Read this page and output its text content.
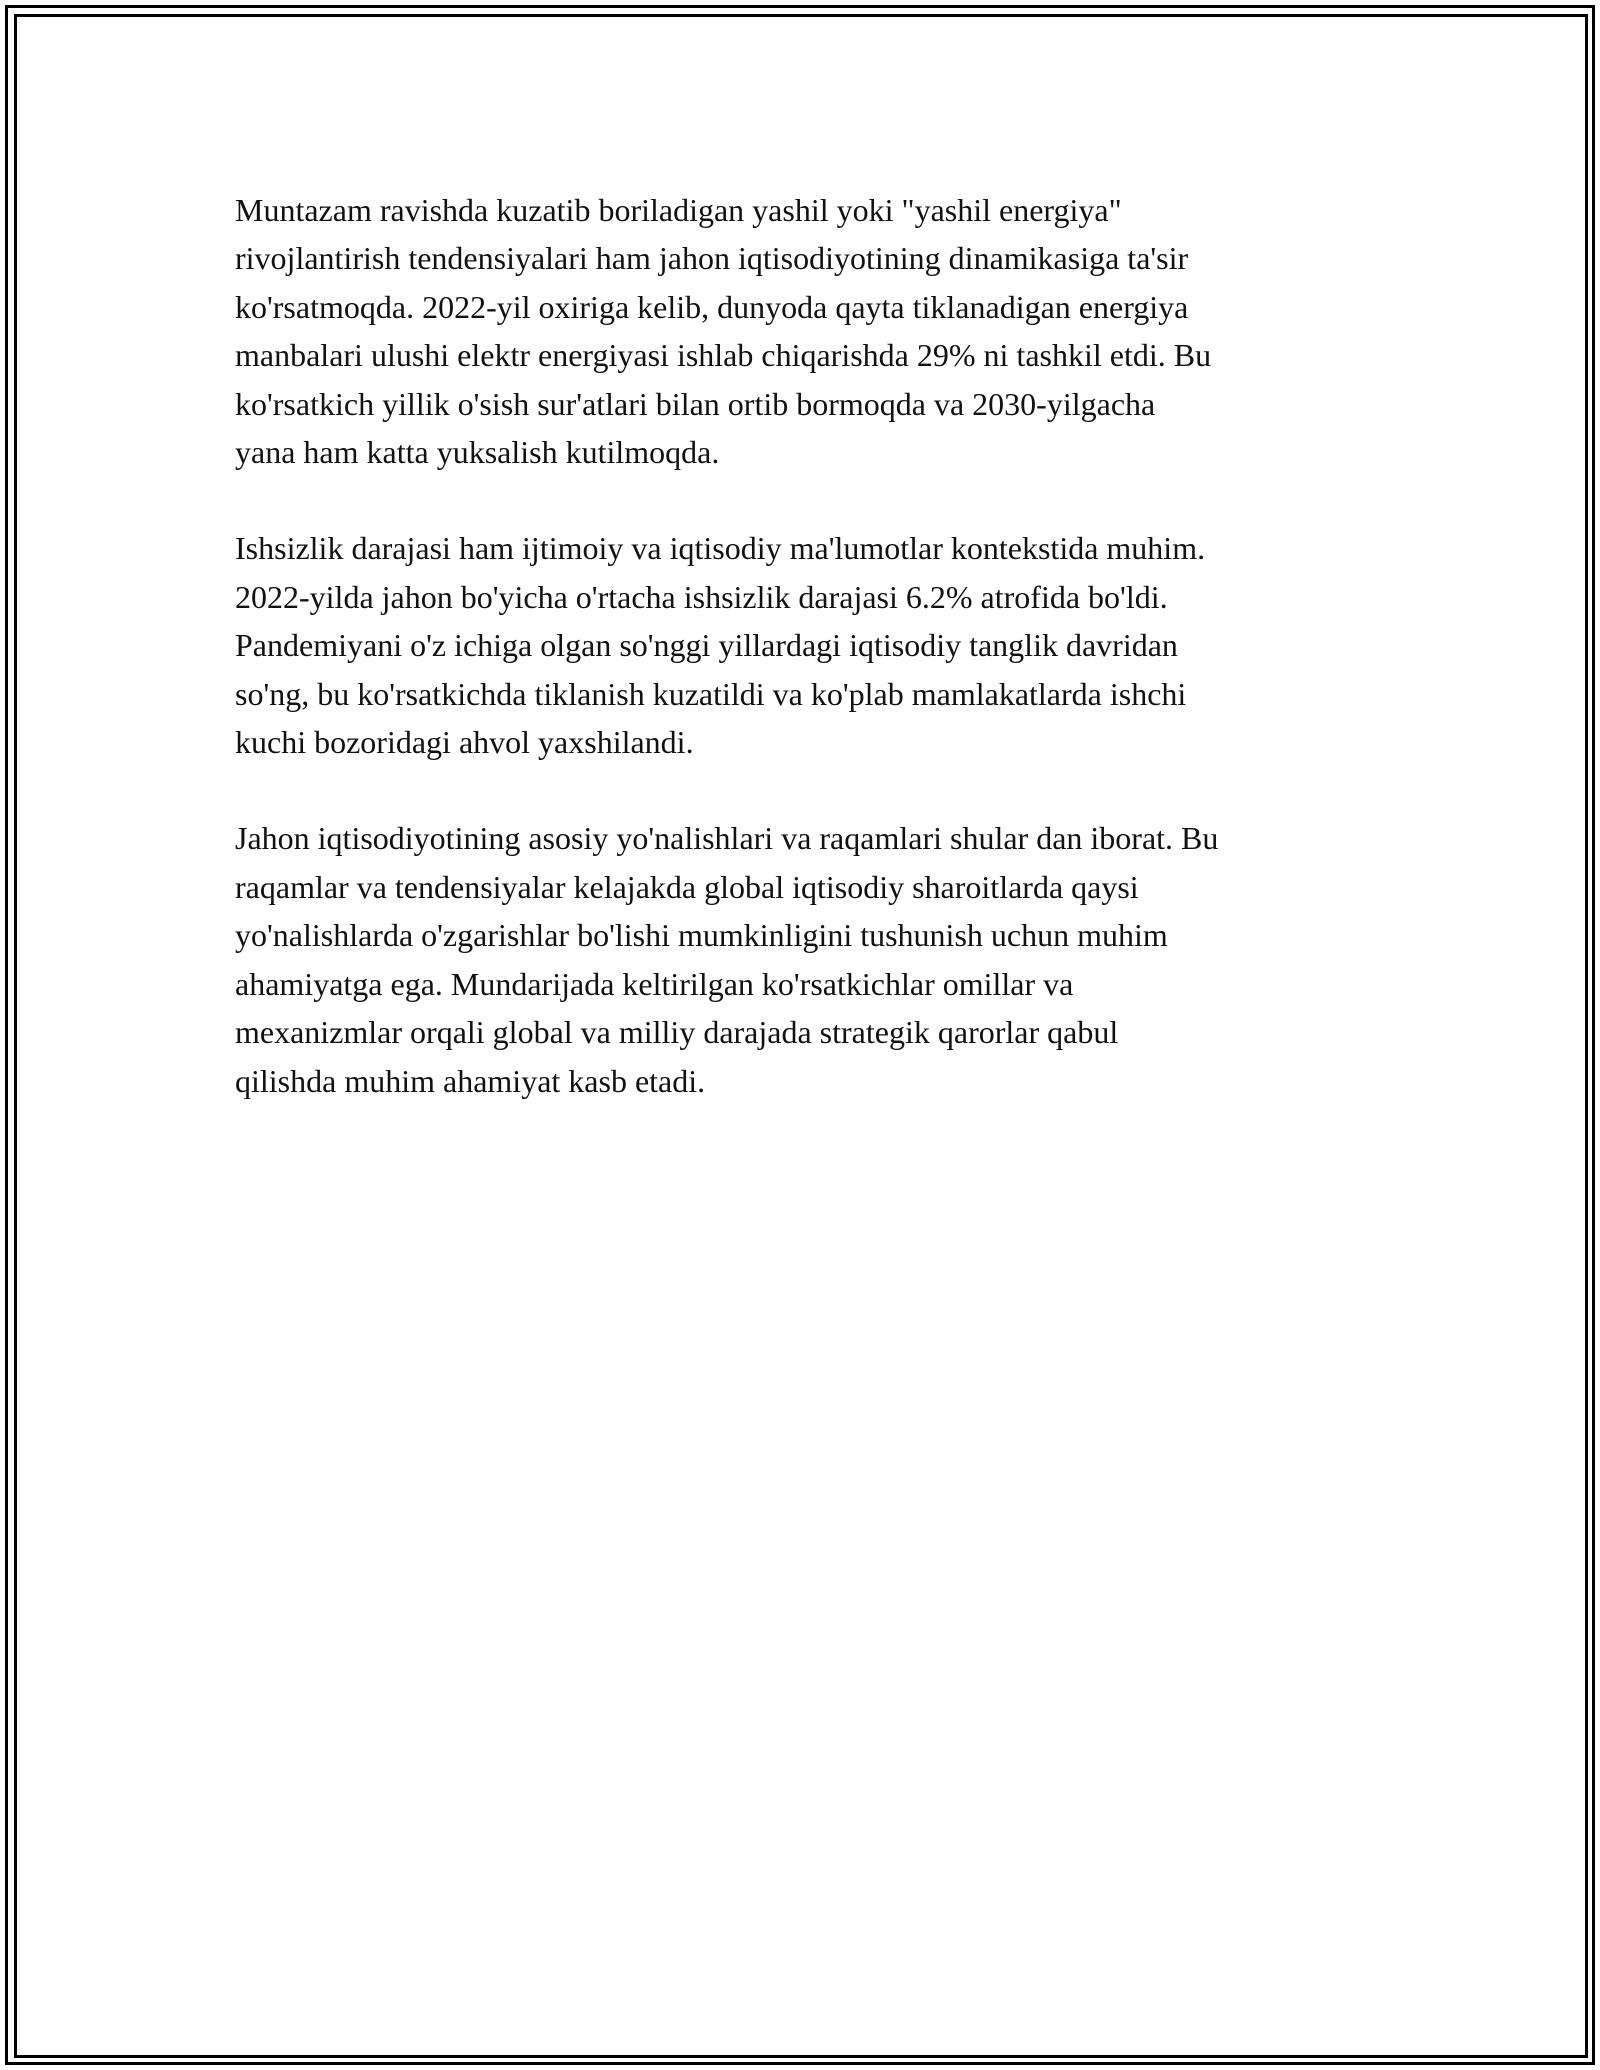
Muntazam ravishda kuzatib boriladigan yashil yoki "yashil energiya"
rivojlantirish tendensiyalari ham jahon iqtisodiyotining dinamikasiga ta'sir
ko'rsatmoqda. 2022-yil oxiriga kelib, dunyoda qayta tiklanadigan energiya
manbalari ulushi elektr energiyasi ishlab chiqarishda 29% ni tashkil etdi. Bu
ko'rsatkich yillik o'sish sur'atlari bilan ortib bormoqda va 2030-yilgacha
yana ham katta yuksalish kutilmoqda.

Ishsizlik darajasi ham ijtimoiy va iqtisodiy ma'lumotlar kontekstida muhim.
2022-yilda jahon bo'yicha o'rtacha ishsizlik darajasi 6.2% atrofida bo'ldi.
Pandemiyani o'z ichiga olgan so'nggi yillardagi iqtisodiy tanglik davridan
so'ng, bu ko'rsatkichda tiklanish kuzatildi va ko'plab mamlakatlarda ishchi
kuchi bozoridagi ahvol yaxshilandi.

Jahon iqtisodiyotining asosiy yo'nalishlari va raqamlari shular dan iborat. Bu
raqamlar va tendensiyalar kelajakda global iqtisodiy sharoitlarda qaysi
yo'nalishlarda o'zgarishlar bo'lishi mumkinligini tushunish uchun muhim
ahamiyatga ega. Mundarijada keltirilgan ko'rsatkichlar omillar va
mexanizmlar orqali global va milliy darajada strategik qarorlar qabul
qilishda muhim ahamiyat kasb etadi.
